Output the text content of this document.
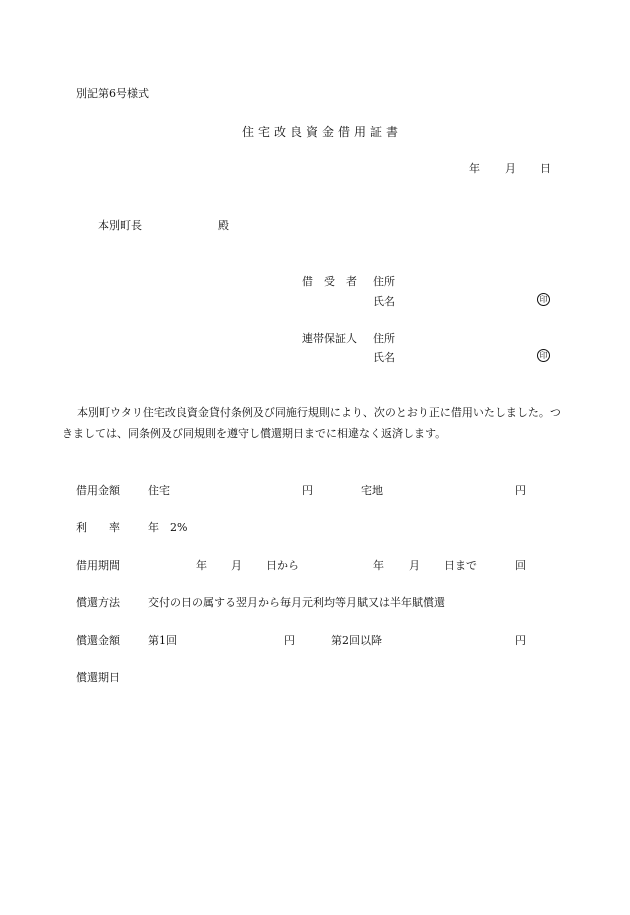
別記第6号様式
住宅改良資金借用証書
年 月 日
本別町長	殿
借　受　者 住所
氏名	印
連帯保証人 住所
氏名	印
本別町ウタリ住宅改良資金貸付条例及び同施行規則により、次のとおり正に借用いたしました。つきましては、同条例及び同規則を遵守し償還期日までに相違なく返済します。
借用金額	住宅	円	宅地	円
利　　率	年　2%
借用期間	年 月 日から	年 月 日まで	回
償還方法	交付の日の属する翌月から毎月元利均等月賦又は半年賦償還
償還金額	第1回	円	第2回以降	円
償還期日
